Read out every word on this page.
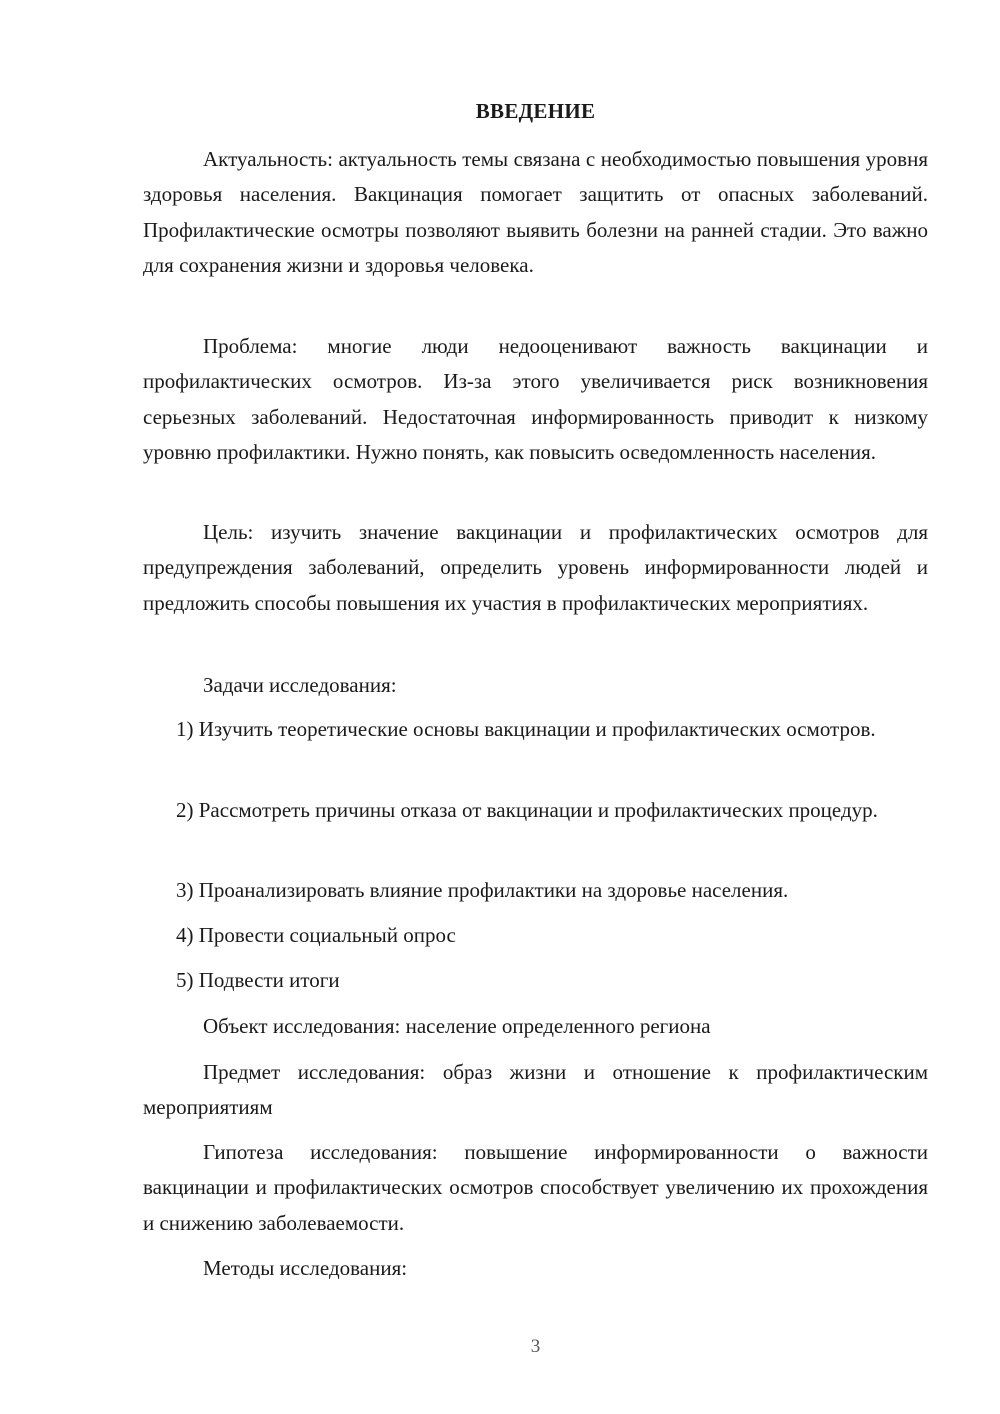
ВВЕДЕНИЕ

Актуальность: актуальность темы связана с необходимостью повышения уровня здоровья населения. Вакцинация помогает защитить от опасных заболеваний. Профилактические осмотры позволяют выявить болезни на ранней стадии. Это важно для сохранения жизни и здоровья человека.

Проблема: многие люди недооценивают важность вакцинации и профилактических осмотров. Из-за этого увеличивается риск возникновения серьезных заболеваний. Недостаточная информированность приводит к низкому уровню профилактики. Нужно понять, как повысить осведомленность населения.

Цель: изучить значение вакцинации и профилактических осмотров для предупреждения заболеваний, определить уровень информированности людей и предложить способы повышения их участия в профилактических мероприятиях.

Задачи исследования:

1) Изучить теоретические основы вакцинации и профилактических осмотров.

2) Рассмотреть причины отказа от вакцинации и профилактических процедур.

3) Проанализировать влияние профилактики на здоровье населения.

4) Провести социальный опрос

5) Подвести итоги

Объект исследования: население определенного региона

Предмет исследования: образ жизни и отношение к профилактическим мероприятиям

Гипотеза исследования: повышение информированности о важности вакцинации и профилактических осмотров способствует увеличению их прохождения и снижению заболеваемости.

Методы исследования:

3
